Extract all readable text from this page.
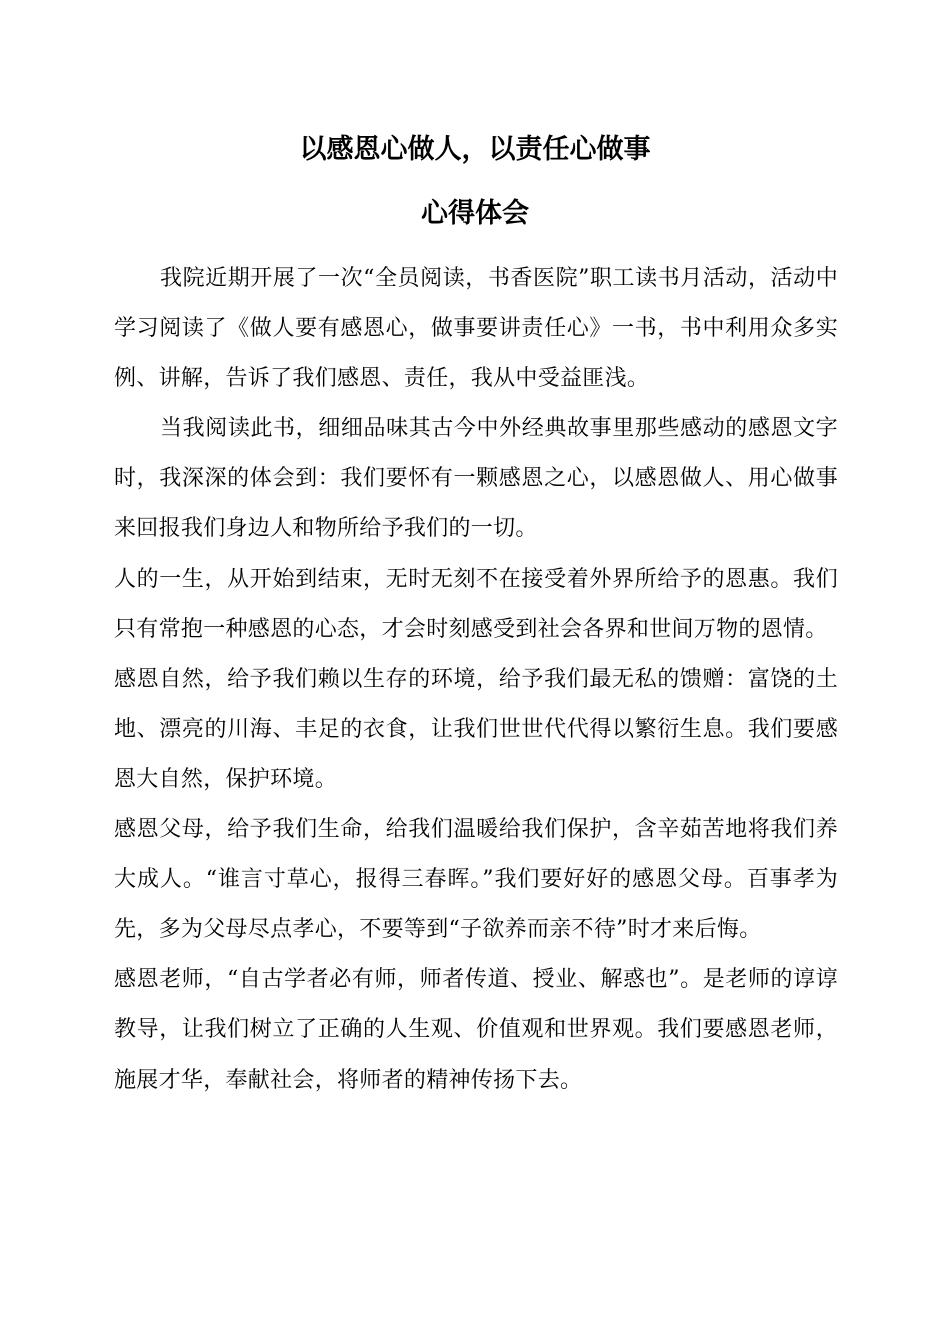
以感恩心做人，以责任心做事
心得体会

我院近期开展了一次“全员阅读，书香医院”职工读书月活动，活动中学习阅读了《做人要有感恩心，做事要讲责任心》一书，书中利用众多实例、讲解，告诉了我们感恩、责任，我从中受益匪浅。

当我阅读此书，细细品味其古今中外经典故事里那些感动的感恩文字时，我深深的体会到：我们要怀有一颗感恩之心，以感恩做人、用心做事来回报我们身边人和物所给予我们的一切。

人的一生，从开始到结束，无时无刻不在接受着外界所给予的恩惠。我们只有常抱一种感恩的心态，才会时刻感受到社会各界和世间万物的恩情。

感恩自然，给予我们赖以生存的环境，给予我们最无私的馈赠：富饶的土地、漂亮的川海、丰足的衣食，让我们世世代代得以繁衍生息。我们要感恩大自然，保护环境。

感恩父母，给予我们生命，给我们温暖给我们保护，含辛茹苦地将我们养大成人。“谁言寸草心，报得三春晖。”我们要好好的感恩父母。百事孝为先，多为父母尽点孝心，不要等到“子欲养而亲不待”时才来后悔。

感恩老师，“自古学者必有师，师者传道、授业、解惑也”。是老师的谆谆教导，让我们树立了正确的人生观、价值观和世界观。我们要感恩老师，施展才华，奉献社会，将师者的精神传扬下去。
